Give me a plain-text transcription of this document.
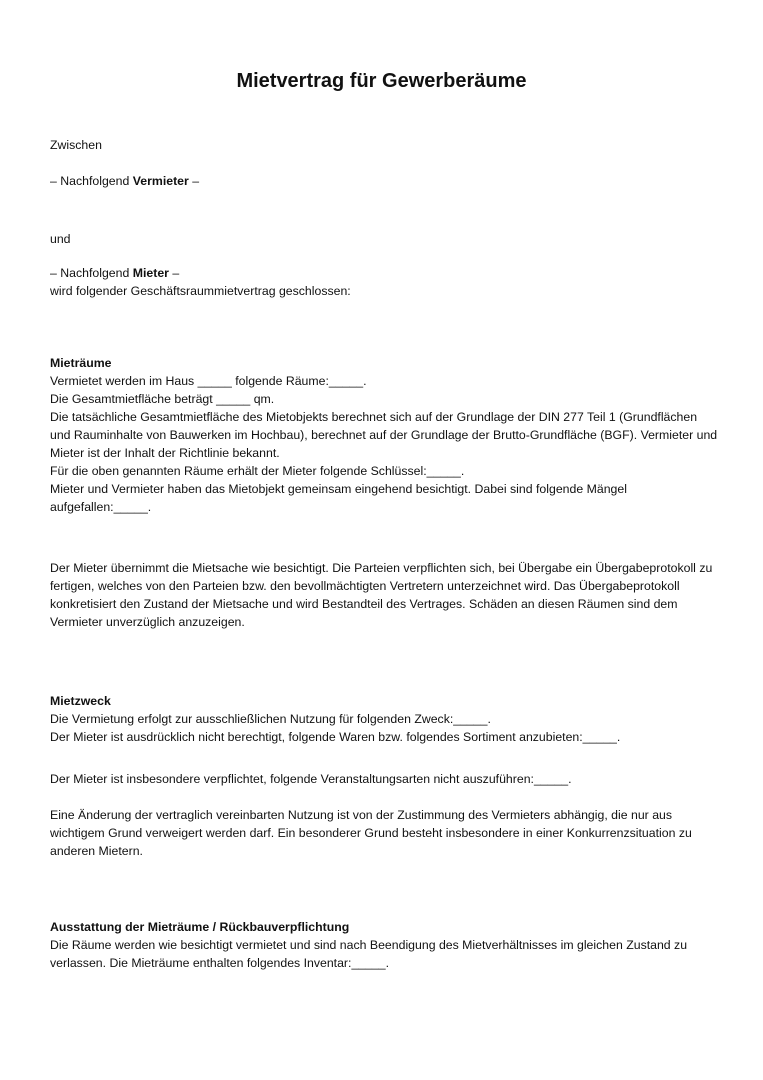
Mietvertrag für Gewerberäume

Zwischen

– Nachfolgend Vermieter –

und

– Nachfolgend Mieter –
wird folgender Geschäftsraummietvertrag geschlossen:

Mieträume
Vermietet werden im Haus _____ folgende Räume:_____.
Die Gesamtmietfläche beträgt _____ qm.
Die tatsächliche Gesamtmietfläche des Mietobjekts berechnet sich auf der Grundlage der DIN 277 Teil 1 (Grundflächen und Rauminhalte von Bauwerken im Hochbau), berechnet auf der Grundlage der Brutto-Grundfläche (BGF). Vermieter und Mieter ist der Inhalt der Richtlinie bekannt.
Für die oben genannten Räume erhält der Mieter folgende Schlüssel:_____.
Mieter und Vermieter haben das Mietobjekt gemeinsam eingehend besichtigt. Dabei sind folgende Mängel aufgefallen:_____.

Der Mieter übernimmt die Mietsache wie besichtigt. Die Parteien verpflichten sich, bei Übergabe ein Übergabeprotokoll zu fertigen, welches von den Parteien bzw. den bevollmächtigten Vertretern unterzeichnet wird. Das Übergabeprotokoll konkretisiert den Zustand der Mietsache und wird Bestandteil des Vertrages. Schäden an diesen Räumen sind dem Vermieter unverzüglich anzuzeigen.

Mietzweck
Die Vermietung erfolgt zur ausschließlichen Nutzung für folgenden Zweck:_____.
Der Mieter ist ausdrücklich nicht berechtigt, folgende Waren bzw. folgendes Sortiment anzubieten:_____.

Der Mieter ist insbesondere verpflichtet, folgende Veranstaltungsarten nicht auszuführen:_____.

Eine Änderung der vertraglich vereinbarten Nutzung ist von der Zustimmung des Vermieters abhängig, die nur aus wichtigem Grund verweigert werden darf. Ein besonderer Grund besteht insbesondere in einer Konkurrenzsituation zu anderen Mietern.

Ausstattung der Mieträume / Rückbauverpflichtung
Die Räume werden wie besichtigt vermietet und sind nach Beendigung des Mietverhältnisses im gleichen Zustand zu verlassen. Die Mieträume enthalten folgendes Inventar:_____.
